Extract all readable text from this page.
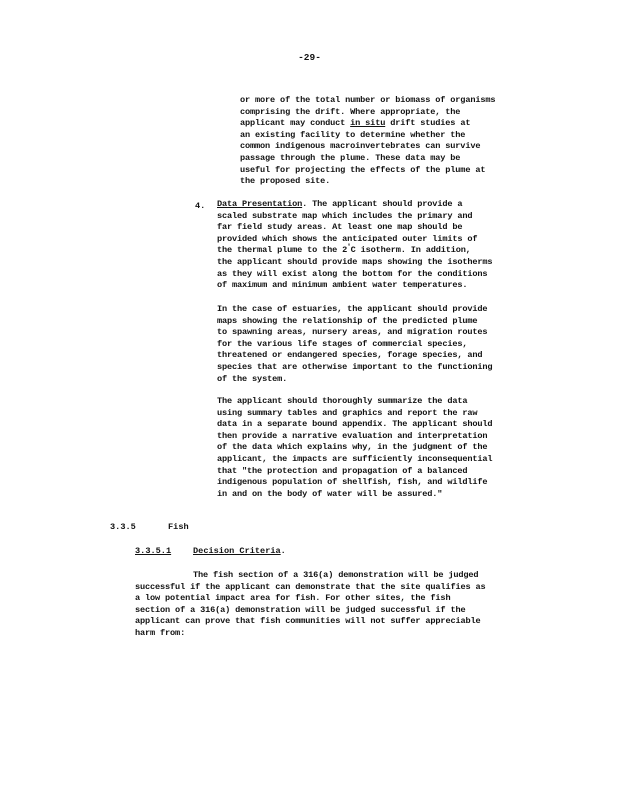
-29-
or more of the total number or biomass of organisms
comprising the drift. Where appropriate, the
applicant may conduct in situ drift studies at
an existing facility to determine whether the
common indigenous macroinvertebrates can survive
passage through the plume. These data may be
useful for projecting the effects of the plume at
the proposed site.
4. Data Presentation. The applicant should provide a
scaled substrate map which includes the primary and
far field study areas. At least one map should be
provided which shows the anticipated outer limits of
the thermal plume to the 2°C isotherm. In addition,
the applicant should provide maps showing the isotherms
as they will exist along the bottom for the conditions
of maximum and minimum ambient water temperatures.
In the case of estuaries, the applicant should provide
maps showing the relationship of the predicted plume
to spawning areas, nursery areas, and migration routes
for the various life stages of commercial species,
threatened or endangered species, forage species, and
species that are otherwise important to the functioning
of the system.
The applicant should thoroughly summarize the data
using summary tables and graphics and report the raw
data in a separate bound appendix. The applicant should
then provide a narrative evaluation and interpretation
of the data which explains why, in the judgment of the
applicant, the impacts are sufficiently inconsequential
that "the protection and propagation of a balanced
indigenous population of shellfish, fish, and wildlife
in and on the body of water will be assured."
3.3.5	Fish
3.3.5.1	Decision Criteria.
The fish section of a 316(a) demonstration will be judged
successful if the applicant can demonstrate that the site qualifies as
a low potential impact area for fish. For other sites, the fish
section of a 316(a) demonstration will be judged successful if the
applicant can prove that fish communities will not suffer appreciable
harm from:
